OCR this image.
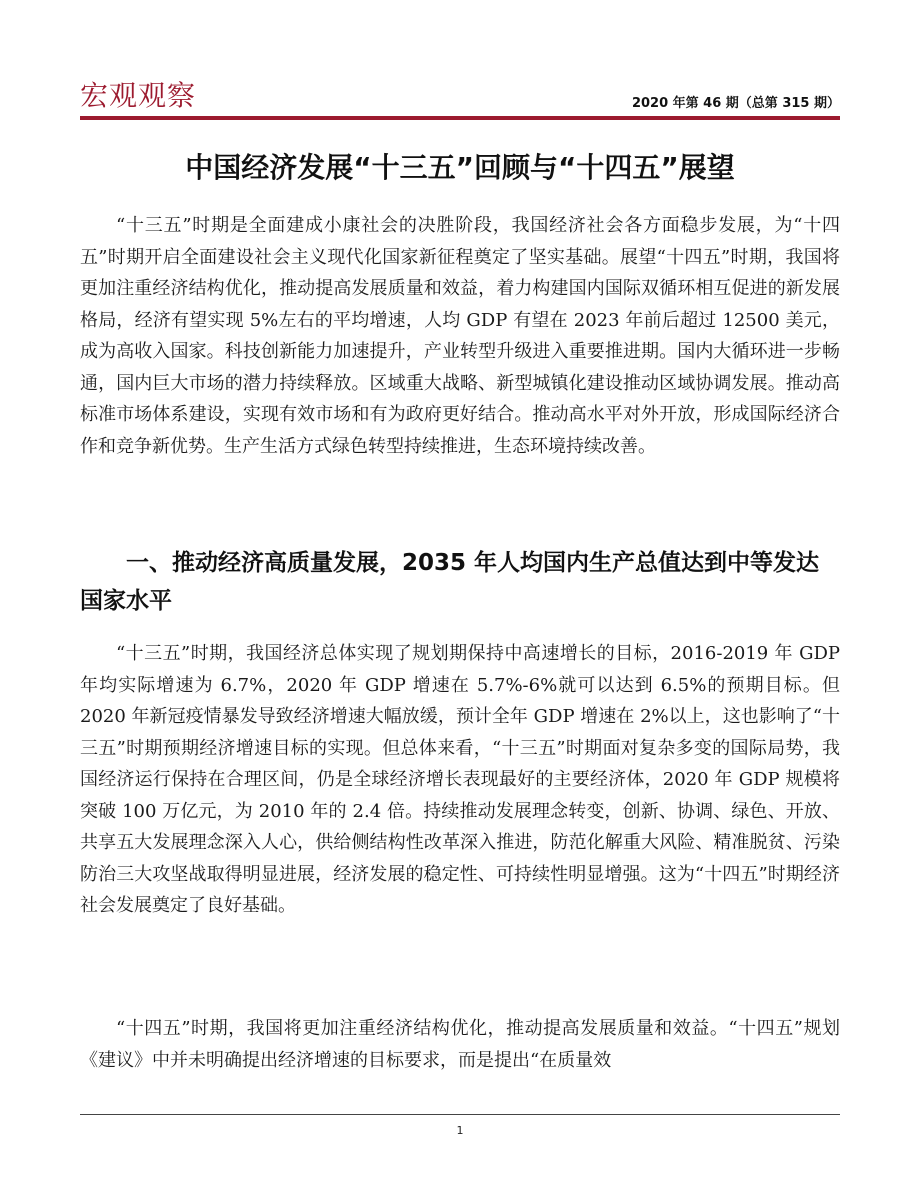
宏观观察	2020 年第 46 期（总第 315 期）
中国经济发展“十三五”回顾与“十四五”展望

“十三五”时期是全面建成小康社会的决胜阶段，我国经济社会各方面稳步发展，为“十四五”时期开启全面建设社会主义现代化国家新征程奠定了坚实基础。展望“十四五”时期，我国将更加注重经济结构优化，推动提高发展质量和效益，着力构建国内国际双循环相互促进的新发展格局，经济有望实现 5%左右的平均增速，人均 GDP 有望在 2023 年前后超过 12500 美元，成为高收入国家。科技创新能力加速提升，产业转型升级进入重要推进期。国内大循环进一步畅通，国内巨大市场的潜力持续释放。区域重大战略、新型城镇化建设推动区域协调发展。推动高标准市场体系建设，实现有效市场和有为政府更好结合。推动高水平对外开放，形成国际经济合作和竞争新优势。生产生活方式绿色转型持续推进，生态环境持续改善。

一、推动经济高质量发展，2035 年人均国内生产总值达到中等发达国家水平

“十三五”时期，我国经济总体实现了规划期保持中高速增长的目标，2016-2019 年 GDP 年均实际增速为 6.7%，2020 年 GDP 增速在 5.7%-6%就可以达到 6.5%的预期目标。但 2020 年新冠疫情暴发导致经济增速大幅放缓，预计全年 GDP 增速在 2%以上，这也影响了“十三五”时期预期经济增速目标的实现。但总体来看，“十三五”时期面对复杂多变的国际局势，我国经济运行保持在合理区间，仍是全球经济增长表现最好的主要经济体，2020 年 GDP 规模将突破 100 万亿元，为 2010 年的 2.4 倍。持续推动发展理念转变，创新、协调、绿色、开放、共享五大发展理念深入人心，供给侧结构性改革深入推进，防范化解重大风险、精准脱贫、污染防治三大攻坚战取得明显进展，经济发展的稳定性、可持续性明显增强。这为“十四五”时期经济社会发展奠定了良好基础。

“十四五”时期，我国将更加注重经济结构优化，推动提高发展质量和效益。“十四五”规划《建议》中并未明确提出经济增速的目标要求，而是提出“在质量效

1
